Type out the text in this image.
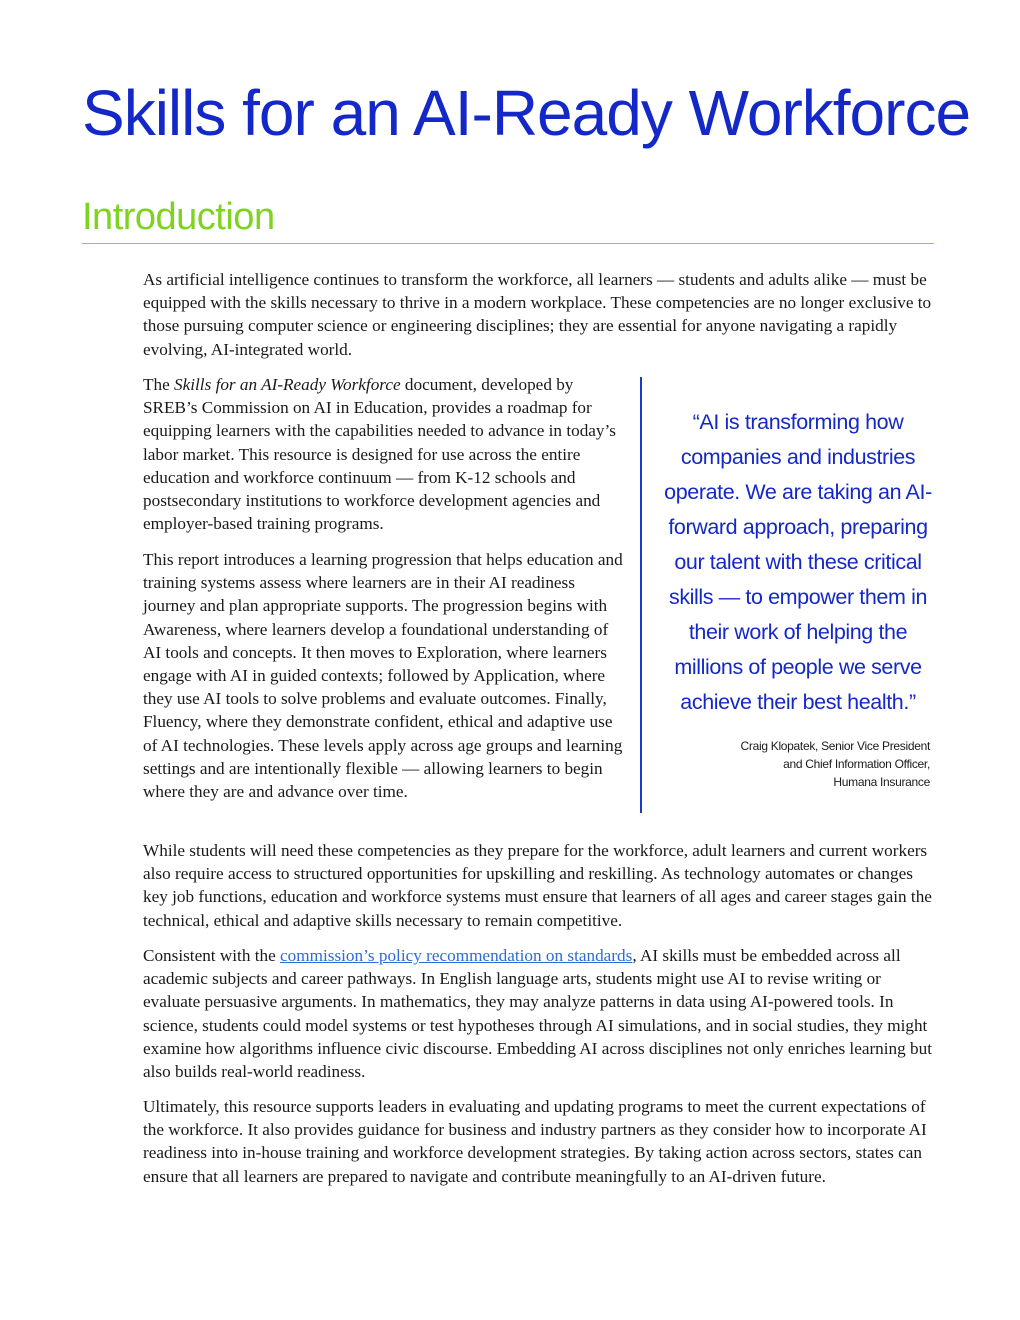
Skills for an AI-Ready Workforce
Introduction

As artificial intelligence continues to transform the workforce, all learners — students and adults alike — must be equipped with the skills necessary to thrive in a modern workplace. These competencies are no longer exclusive to those pursuing computer science or engineering disciplines; they are essential for anyone navigating a rapidly evolving, AI-integrated world.

The Skills for an AI-Ready Workforce document, developed by SREB’s Commission on AI in Education, provides a roadmap for equipping learners with the capabilities needed to advance in today’s labor market. This resource is designed for use across the entire education and workforce continuum — from K-12 schools and postsecondary institutions to workforce development agencies and employer-based training programs.

This report introduces a learning progression that helps education and training systems assess where learners are in their AI readiness journey and plan appropriate supports. The progression begins with Awareness, where learners develop a foundational understanding of AI tools and concepts. It then moves to Exploration, where learners engage with AI in guided contexts; followed by Application, where they use AI tools to solve problems and evaluate outcomes. Finally, Fluency, where they demonstrate confident, ethical and adaptive use of AI technologies. These levels apply across age groups and learning settings and are intentionally flexible — allowing learners to begin where they are and advance over time.

“AI is transforming how companies and industries operate. We are taking an AI-forward approach, preparing our talent with these critical skills — to empower them in their work of helping the millions of people we serve achieve their best health.”

Craig Klopatek, Senior Vice President
and Chief Information Officer,
Humana Insurance

While students will need these competencies as they prepare for the workforce, adult learners and current workers also require access to structured opportunities for upskilling and reskilling. As technology automates or changes key job functions, education and workforce systems must ensure that learners of all ages and career stages gain the technical, ethical and adaptive skills necessary to remain competitive.

Consistent with the commission’s policy recommendation on standards, AI skills must be embedded across all academic subjects and career pathways. In English language arts, students might use AI to revise writing or evaluate persuasive arguments. In mathematics, they may analyze patterns in data using AI-powered tools. In science, students could model systems or test hypotheses through AI simulations, and in social studies, they might examine how algorithms influence civic discourse. Embedding AI across disciplines not only enriches learning but also builds real-world readiness.

Ultimately, this resource supports leaders in evaluating and updating programs to meet the current expectations of the workforce. It also provides guidance for business and industry partners as they consider how to incorporate AI readiness into in-house training and workforce development strategies. By taking action across sectors, states can ensure that all learners are prepared to navigate and contribute meaningfully to an AI-driven future.
